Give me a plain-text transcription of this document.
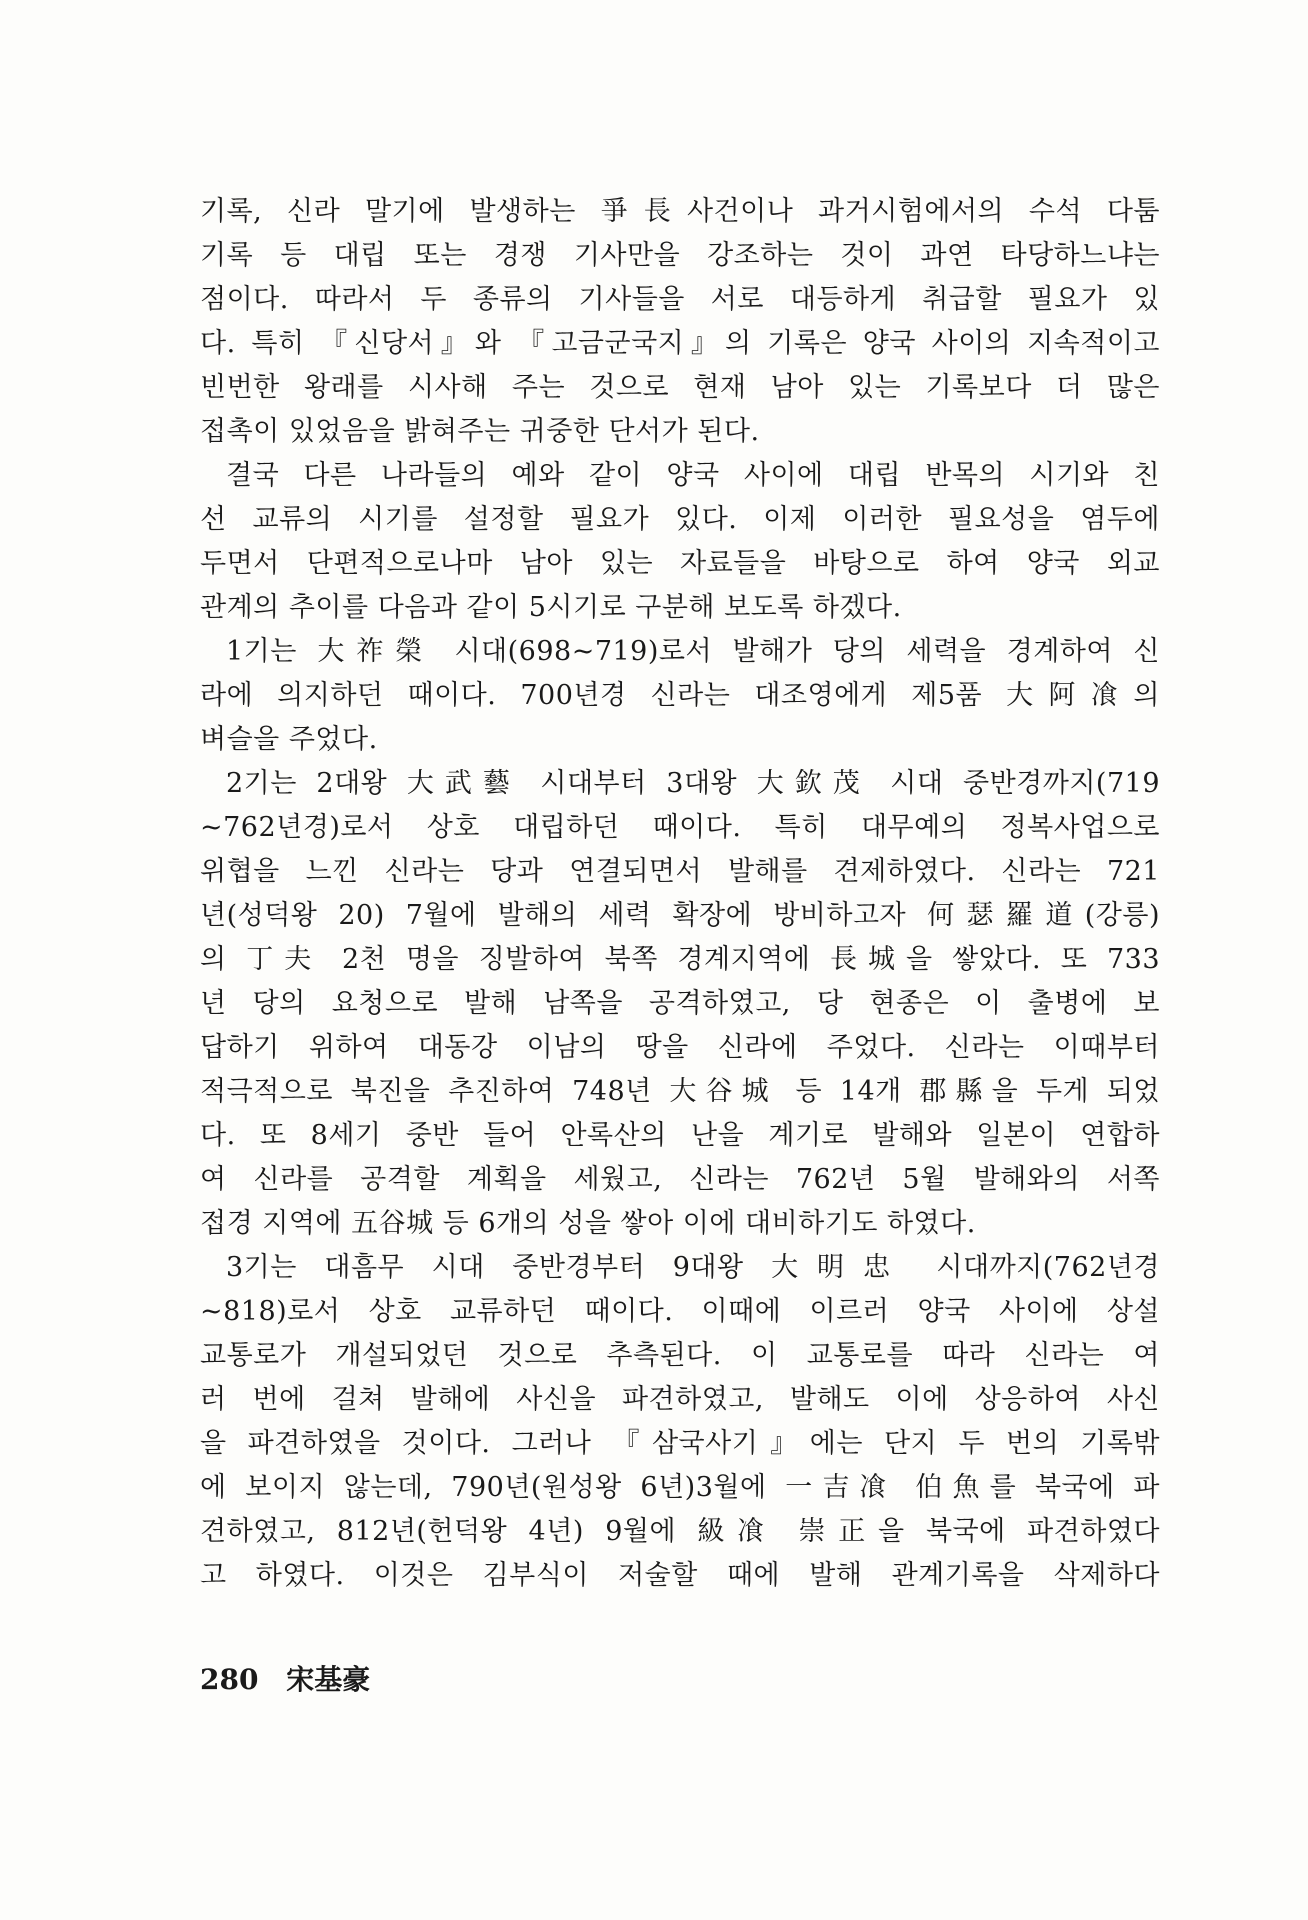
기록, 신라 말기에 발생하는 爭長사건이나 과거시험에서의 수석 다툼
기록 등 대립 또는 경쟁 기사만을 강조하는 것이 과연 타당하느냐는
점이다. 따라서 두 종류의 기사들을 서로 대등하게 취급할 필요가 있
다. 특히 『신당서』와 『고금군국지』의 기록은 양국 사이의 지속적이고
빈번한 왕래를 시사해 주는 것으로 현재 남아 있는 기록보다 더 많은
접촉이 있었음을 밝혀주는 귀중한 단서가 된다.
결국 다른 나라들의 예와 같이 양국 사이에 대립 반목의 시기와 친
선 교류의 시기를 설정할 필요가 있다. 이제 이러한 필요성을 염두에
두면서 단편적으로나마 남아 있는 자료들을 바탕으로 하여 양국 외교
관계의 추이를 다음과 같이 5시기로 구분해 보도록 하겠다.
1기는 大祚榮 시대(698~719)로서 발해가 당의 세력을 경계하여 신
라에 의지하던 때이다. 700년경 신라는 대조영에게 제5품 大阿飡의
벼슬을 주었다.
2기는 2대왕 大武藝 시대부터 3대왕 大欽茂 시대 중반경까지(719
~762년경)로서 상호 대립하던 때이다. 특히 대무예의 정복사업으로
위협을 느낀 신라는 당과 연결되면서 발해를 견제하였다. 신라는 721
년(성덕왕 20) 7월에 발해의 세력 확장에 방비하고자 何瑟羅道(강릉)
의 丁夫 2천 명을 징발하여 북쪽 경계지역에 長城을 쌓았다. 또 733
년 당의 요청으로 발해 남쪽을 공격하였고, 당 현종은 이 출병에 보
답하기 위하여 대동강 이남의 땅을 신라에 주었다. 신라는 이때부터
적극적으로 북진을 추진하여 748년 大谷城 등 14개 郡縣을 두게 되었
다. 또 8세기 중반 들어 안록산의 난을 계기로 발해와 일본이 연합하
여 신라를 공격할 계획을 세웠고, 신라는 762년 5월 발해와의 서쪽
접경 지역에 五谷城 등 6개의 성을 쌓아 이에 대비하기도 하였다.
3기는 대흠무 시대 중반경부터 9대왕 大明忠 시대까지(762년경
~818)로서 상호 교류하던 때이다. 이때에 이르러 양국 사이에 상설
교통로가 개설되었던 것으로 추측된다. 이 교통로를 따라 신라는 여
러 번에 걸쳐 발해에 사신을 파견하였고, 발해도 이에 상응하여 사신
을 파견하였을 것이다. 그러나 『삼국사기』에는 단지 두 번의 기록밖
에 보이지 않는데, 790년(원성왕 6년)3월에 一吉飡 伯魚를 북국에 파
견하였고, 812년(헌덕왕 4년) 9월에 級飡 崇正을 북국에 파견하였다
고 하였다. 이것은 김부식이 저술할 때에 발해 관계기록을 삭제하다
280 宋基豪
